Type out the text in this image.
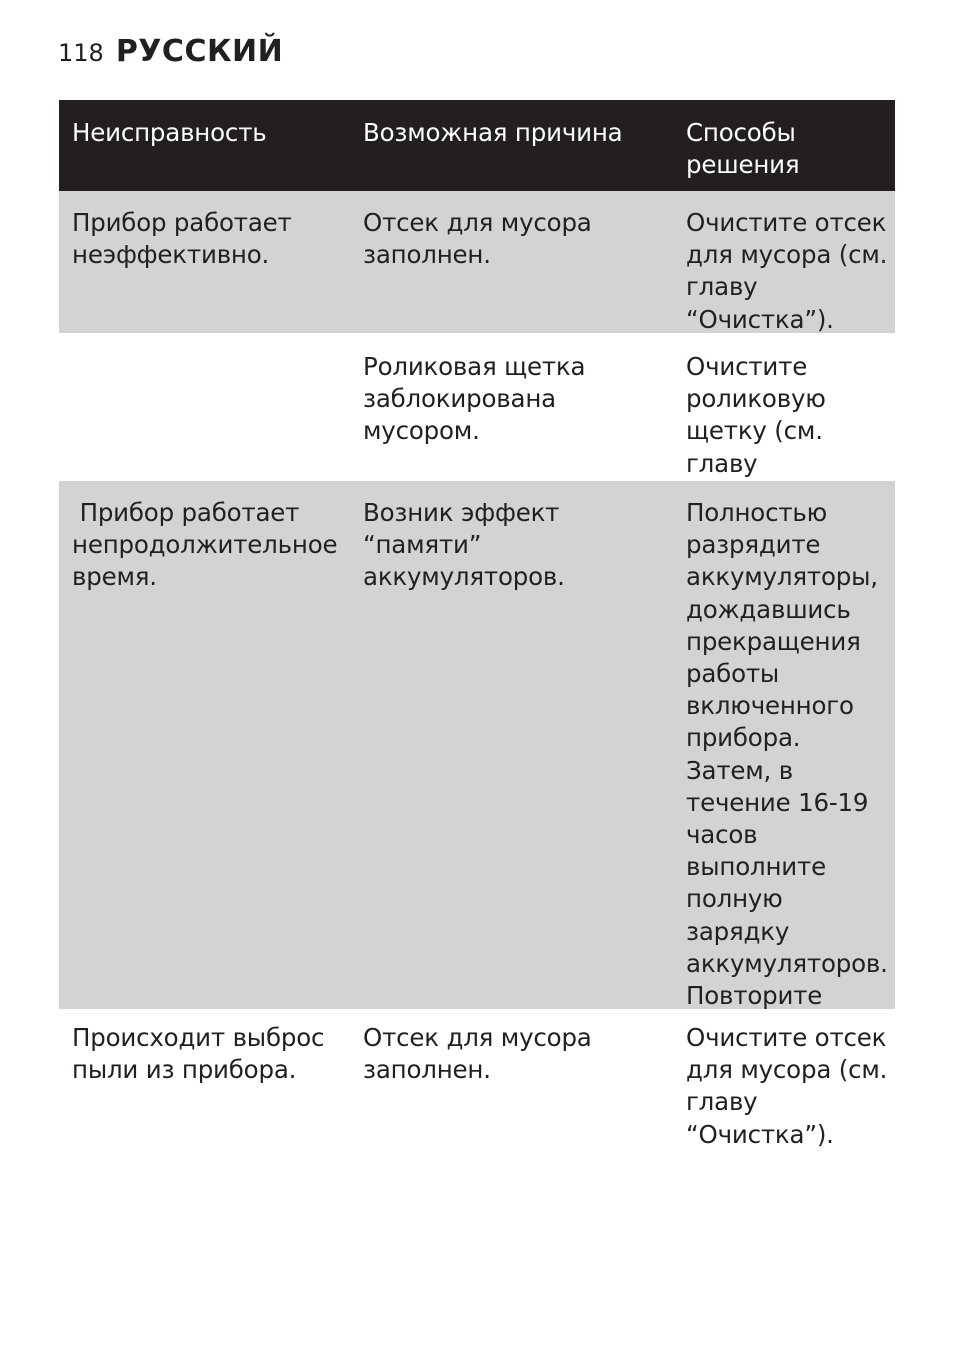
118 РУССКИЙ
Неисправность	Возможная причина	Способы решения
Прибор работает неэффективно.
Отсек для мусора заполнен.
Очистите отсек для мусора (см. главу “Очистка”).
Роликовая щетка заблокирована мусором.
Очистите роликовую щетку (см. главу
Прибор работает непродолжительное время.
Возник эффект “памяти” аккумуляторов.
Полностью разрядите аккумуляторы, дождавшись прекращения работы включенного прибора. Затем, в течение 16-19 часов выполните полную зарядку аккумуляторов. Повторите
Происходит выброс пыли из прибора.
Отсек для мусора заполнен.
Очистите отсек для мусора (см. главу “Очистка”).
